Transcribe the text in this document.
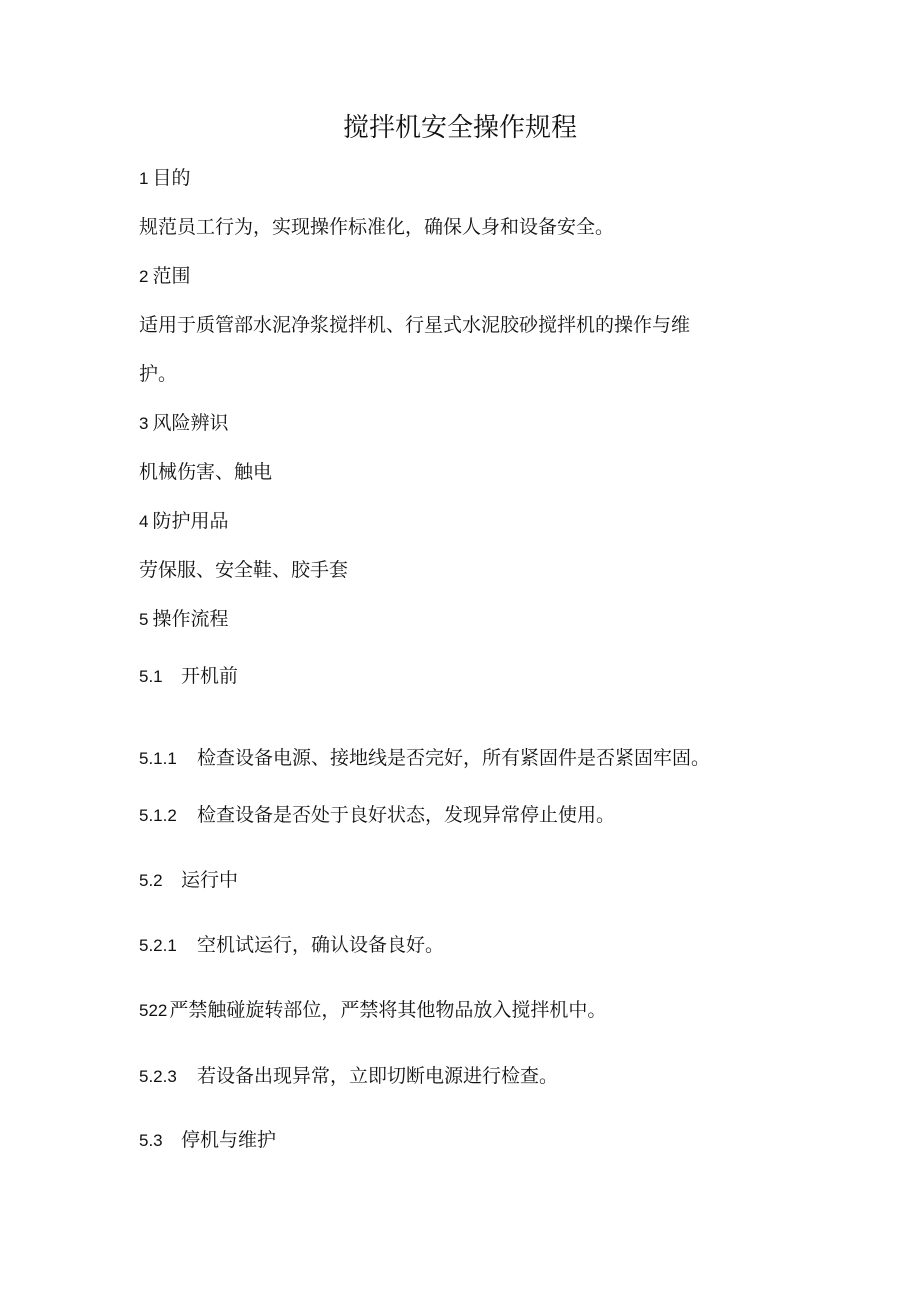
搅拌机安全操作规程
1 目的
规范员工行为，实现操作标准化，确保人身和设备安全。
2 范围
适用于质管部水泥净浆搅拌机、行星式水泥胶砂搅拌机的操作与维
护。
3 风险辨识
机械伤害、触电
4 防护用品
劳保服、安全鞋、胶手套
5 操作流程
5.1 开机前
5.1.1 检查设备电源、接地线是否完好，所有紧固件是否紧固牢固。
5.1.2 检查设备是否处于良好状态，发现异常停止使用。
5.2 运行中
5.2.1 空机试运行，确认设备良好。
522 严禁触碰旋转部位，严禁将其他物品放入搅拌机中。
5.2.3 若设备出现异常，立即切断电源进行检查。
5.3 停机与维护
